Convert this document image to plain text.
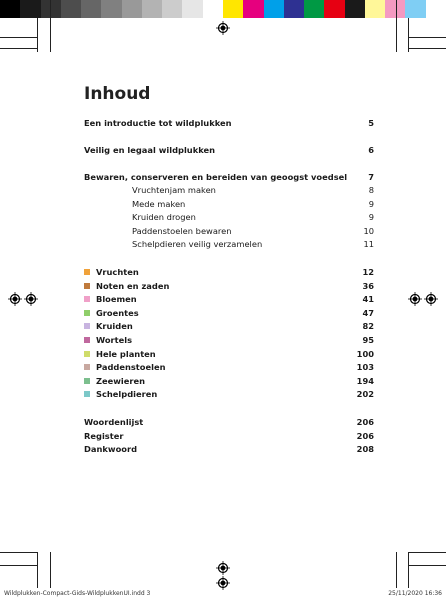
Inhoud
Een introductie tot wildplukken	5
Veilig en legaal wildplukken	6
Bewaren, conserveren en bereiden van geoogst voedsel	7
Vruchtenjam maken	8
Mede maken	9
Kruiden drogen	9
Paddenstoelen bewaren	10
Schelpdieren veilig verzamelen	11
Vruchten	12
Noten en zaden	36
Bloemen	41
Groentes	47
Kruiden	82
Wortels	95
Hele planten	100
Paddenstoelen	103
Zeewieren	194
Schelpdieren	202
Woordenlijst	206
Register	206
Dankwoord	208
Wildplukken-Compact-Gids-WildplukkenUI.indd 3	25/11/2020 16:36
